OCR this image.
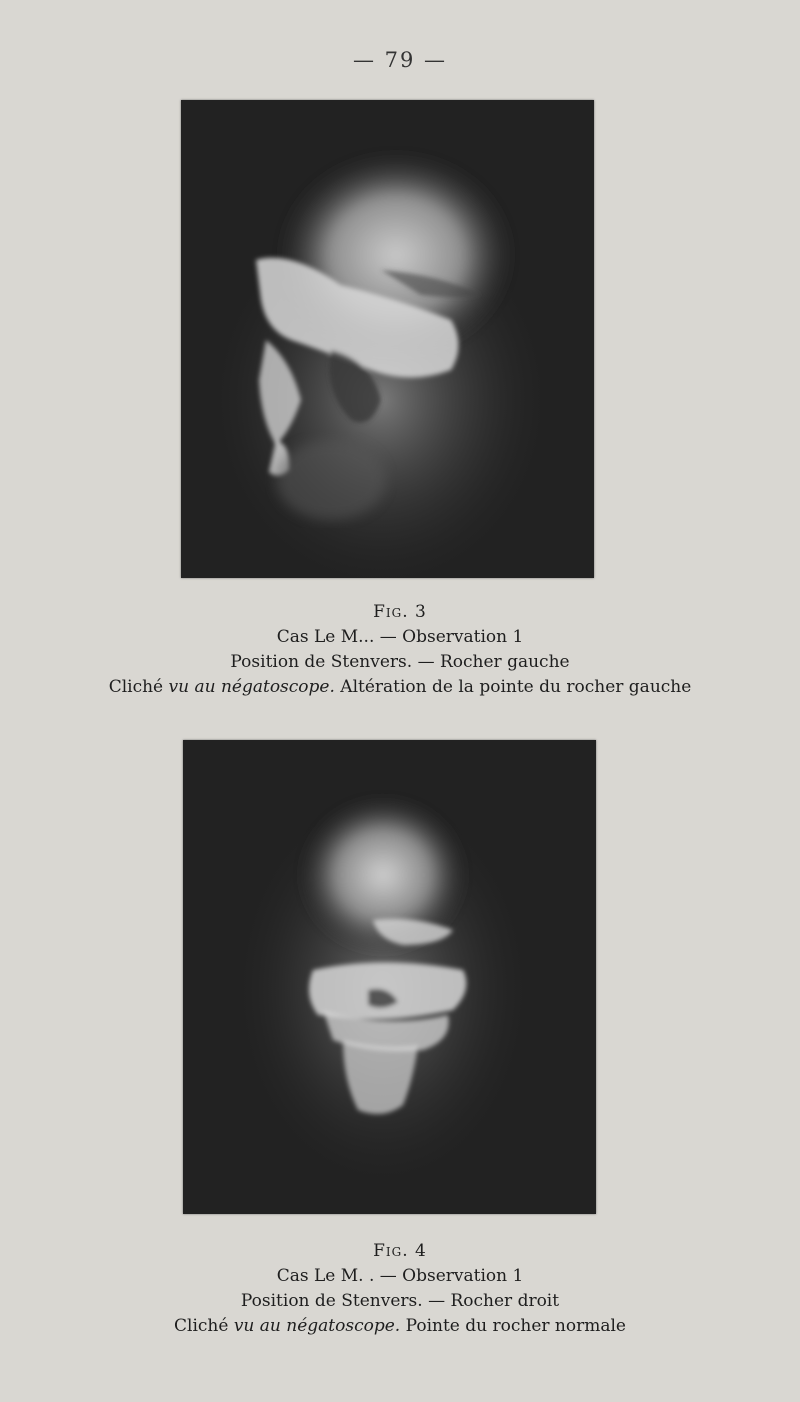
— 79 —
Fig. 3
Cas Le M... — Observation 1
Position de Stenvers. — Rocher gauche
Cliché vu au négatoscope. Altération de la pointe du rocher gauche
Fig. 4
Cas Le M. . — Observation 1
Position de Stenvers. — Rocher droit
Cliché vu au négatoscope. Pointe du rocher normale
